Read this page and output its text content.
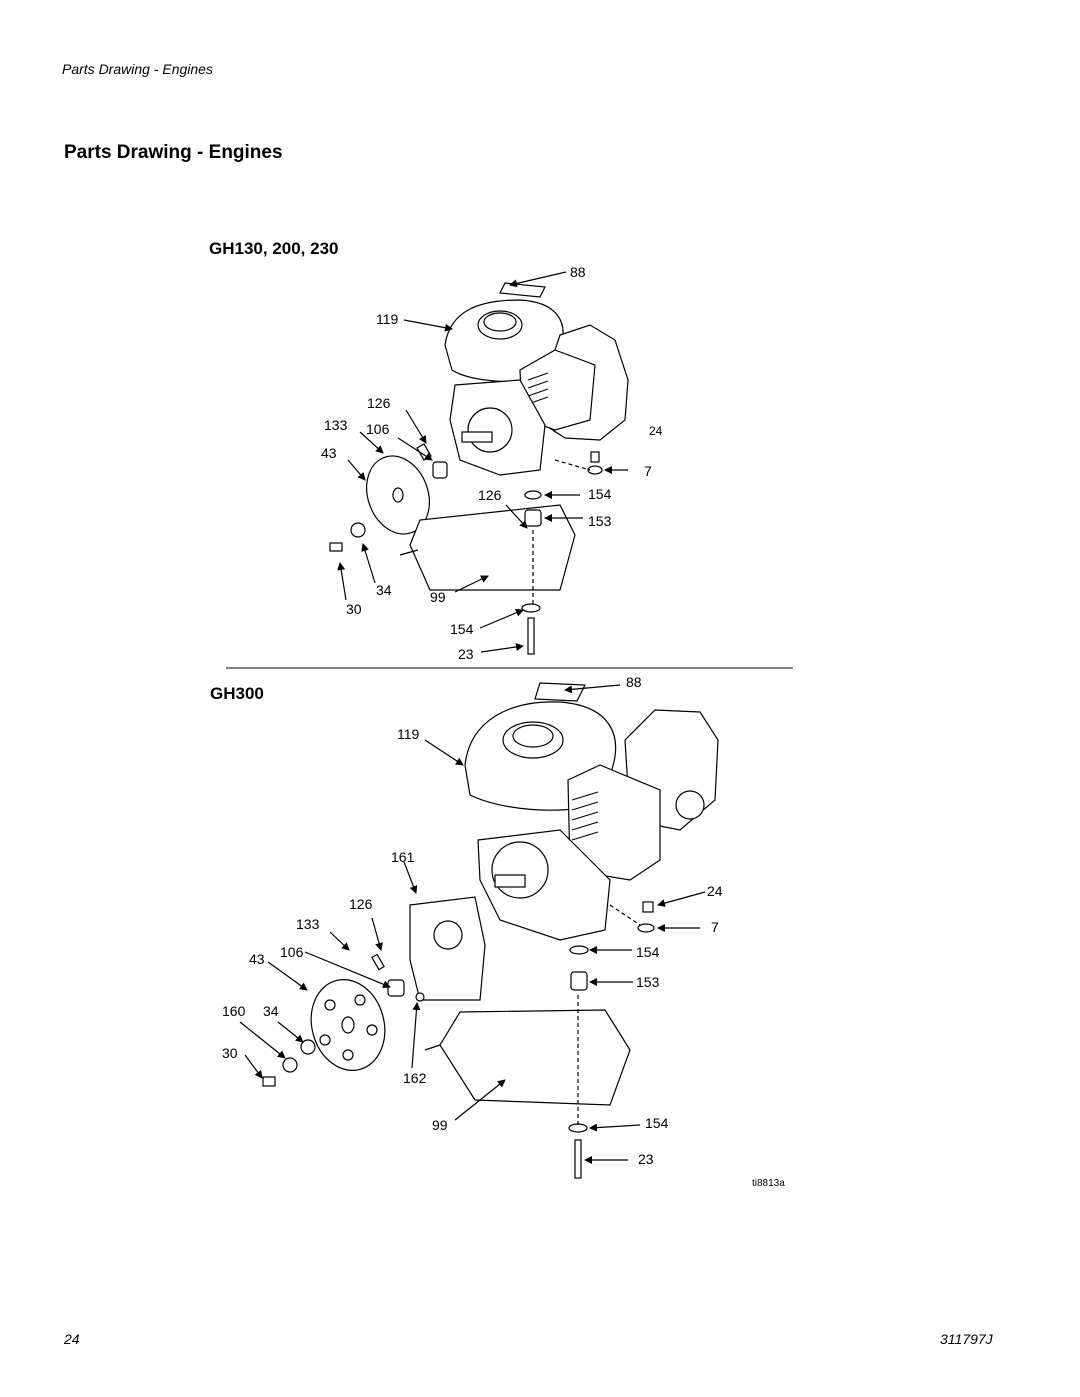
Parts Drawing - Engines
Parts Drawing - Engines
GH130, 200, 230
GH300
88
119
126
133 106
43
24
7
126	154
153
34	99
30
154
23
88
119
161
126
133
106
43
24
7
154
153
160 34
30
162
99	154
23
ti8813a
24	311797J
